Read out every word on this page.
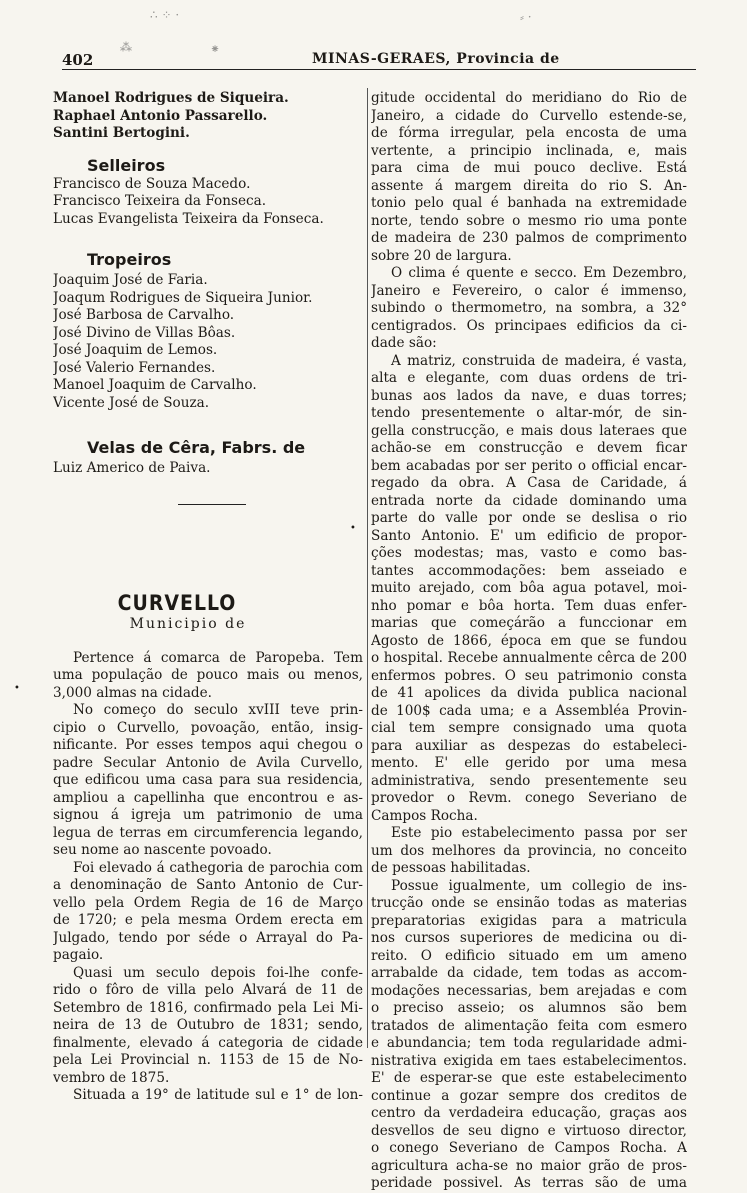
402	MINAS-GERAES, Provincia de
∴ ⁘ ·
⁂	⁕
⸗ ·
Manoel Rodrigues de Siqueira.
Raphael Antonio Passarello.
Santini Bertogini.
Selleiros
Francisco de Souza Macedo.
Francisco Teixeira da Fonseca.
Lucas Evangelista Teixeira da Fonseca.
Tropeiros
Joaquim José de Faria.
Joaqum Rodrigues de Siqueira Junior.
José Barbosa de Carvalho.
José Divino de Villas Bôas.
José Joaquim de Lemos.
José Valerio Fernandes.
Manoel Joaquim de Carvalho.
Vicente José de Souza.
Velas de Cêra, Fabrs. de
Luiz Americo de Paiva.
CURVELLO
Municipio de
Pertence á comarca de Paropeba. Tem
uma população de pouco mais ou menos,
3,000 almas na cidade.
No começo do seculo xvIII teve prin-
cipio o Curvello, povoação, então, insig-
nificante. Por esses tempos aqui chegou o
padre Secular Antonio de Avila Curvello,
que edificou uma casa para sua residencia,
ampliou a capellinha que encontrou e as-
signou á igreja um patrimonio de uma
legua de terras em circumferencia legando,
seu nome ao nascente povoado.
Foi elevado á cathegoria de parochia com
a denominação de Santo Antonio de Cur-
vello pela Ordem Regia de 16 de Março
de 1720; e pela mesma Ordem erecta em
Julgado, tendo por séde o Arrayal do Pa-
pagaio.
Quasi um seculo depois foi-lhe confe-
rido o fôro de villa pelo Alvará de 11 de
Setembro de 1816, confirmado pela Lei Mi-
neira de 13 de Outubro de 1831; sendo,
finalmente, elevado á categoria de cidade
pela Lei Provincial n. 1153 de 15 de No-
vembro de 1875.
Situada a 19° de latitude sul e 1° de lon-
•
•
gitude occidental do meridiano do Rio de
Janeiro, a cidade do Curvello estende-se,
de fórma irregular, pela encosta de uma
vertente, a principio inclinada, e, mais
para cima de mui pouco declive. Está
assente á margem direita do rio S. An-
tonio pelo qual é banhada na extremidade
norte, tendo sobre o mesmo rio uma ponte
de madeira de 230 palmos de comprimento
sobre 20 de largura.
O clima é quente e secco. Em Dezembro,
Janeiro e Fevereiro, o calor é immenso,
subindo o thermometro, na sombra, a 32°
centigrados. Os principaes edificios da ci-
dade são:
A matriz, construida de madeira, é vasta,
alta e elegante, com duas ordens de tri-
bunas aos lados da nave, e duas torres;
tendo presentemente o altar-mór, de sin-
gella construcção, e mais dous lateraes que
achão-se em construcção e devem ficar
bem acabadas por ser perito o official encar-
regado da obra. A Casa de Caridade, á
entrada norte da cidade dominando uma
parte do valle por onde se deslisa o rio
Santo Antonio. E' um edificio de propor-
ções modestas; mas, vasto e como bas-
tantes accommodações: bem asseiado e
muito arejado, com bôa agua potavel, moi-
nho pomar e bôa horta. Tem duas enfer-
marias que começárão a funccionar em
Agosto de 1866, época em que se fundou
o hospital. Recebe annualmente cêrca de 200
enfermos pobres. O seu patrimonio consta
de 41 apolices da divida publica nacional
de 100$ cada uma; e a Assembléa Provin-
cial tem sempre consignado uma quota
para auxiliar as despezas do estabeleci-
mento. E' elle gerido por uma mesa
administrativa, sendo presentemente seu
provedor o Revm. conego Severiano de
Campos Rocha.
Este pio estabelecimento passa por ser
um dos melhores da provincia, no conceito
de pessoas habilitadas.
Possue igualmente, um collegio de ins-
trucção onde se ensinão todas as materias
preparatorias exigidas para a matricula
nos cursos superiores de medicina ou di-
reito. O edificio situado em um ameno
arrabalde da cidade, tem todas as accom-
modações necessarias, bem arejadas e com
o preciso asseio; os alumnos são bem
tratados de alimentação feita com esmero
e abundancia; tem toda regularidade admi-
nistrativa exigida em taes estabelecimentos.
E' de esperar-se que este estabelecimento
continue a gozar sempre dos creditos de
centro da verdadeira educação, graças aos
desvellos de seu digno e virtuoso director,
o conego Severiano de Campos Rocha. A
agricultura acha-se no maior grão de pros-
peridade possivel. As terras são de uma
